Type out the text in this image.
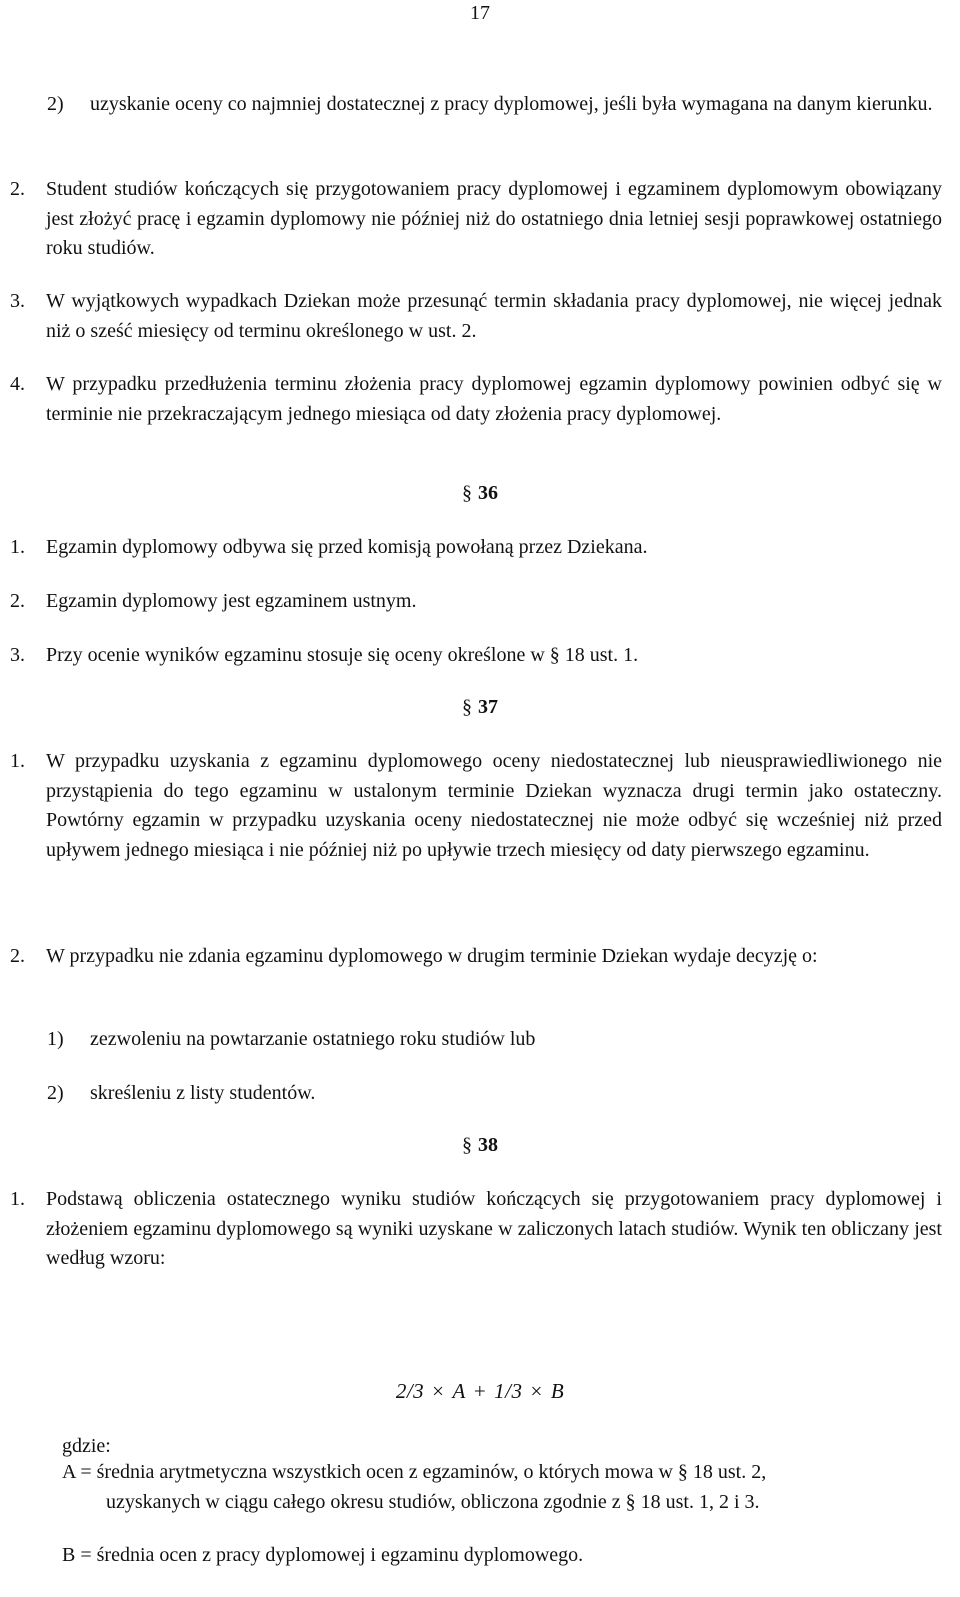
17
2)	uzyskanie oceny co najmniej dostatecznej z pracy dyplomowej, jeśli była wymagana na danym kierunku.
2.	Student studiów kończących się przygotowaniem pracy dyplomowej i egzaminem dyplomowym obowiązany jest złożyć pracę i egzamin dyplomowy nie później niż do ostatniego dnia letniej sesji poprawkowej ostatniego roku studiów.
3.	W wyjątkowych wypadkach Dziekan może przesunąć termin składania pracy dyplomowej, nie więcej jednak niż o sześć miesięcy od terminu określonego w ust. 2.
4.	W przypadku przedłużenia terminu złożenia pracy dyplomowej egzamin dyplomowy powinien odbyć się w terminie nie przekraczającym jednego miesiąca od daty złożenia pracy dyplomowej.
§ 36
1.	Egzamin dyplomowy odbywa się przed komisją powołaną przez Dziekana.
2.	Egzamin dyplomowy jest egzaminem ustnym.
3.	Przy ocenie wyników egzaminu stosuje się oceny określone w § 18 ust. 1.
§ 37
1.	W przypadku uzyskania z egzaminu dyplomowego oceny niedostatecznej lub nieusprawiedliwionego nie przystąpienia do tego egzaminu w ustalonym terminie Dziekan wyznacza drugi termin jako ostateczny. Powtórny egzamin w przypadku uzyskania oceny niedostatecznej nie może odbyć się wcześniej niż przed upływem jednego miesiąca i nie później niż po upływie trzech miesięcy od daty pierwszego egzaminu.
2.	W przypadku nie zdania egzaminu dyplomowego w drugim terminie Dziekan wydaje decyzję o:
1)	zezwoleniu na powtarzanie ostatniego roku studiów lub
2)	skreśleniu z listy studentów.
§ 38
1.	Podstawą obliczenia ostatecznego wyniku studiów kończących się przygotowaniem pracy dyplomowej i złożeniem egzaminu dyplomowego są wyniki uzyskane w zaliczonych latach studiów. Wynik ten obliczany jest według wzoru:
2/3 × A + 1/3 × B
gdzie:
A = średnia arytmetyczna wszystkich ocen z egzaminów, o których mowa w § 18 ust. 2,
uzyskanych w ciągu całego okresu studiów, obliczona zgodnie z § 18 ust. 1, 2 i 3.
B = średnia ocen z pracy dyplomowej i egzaminu dyplomowego.
